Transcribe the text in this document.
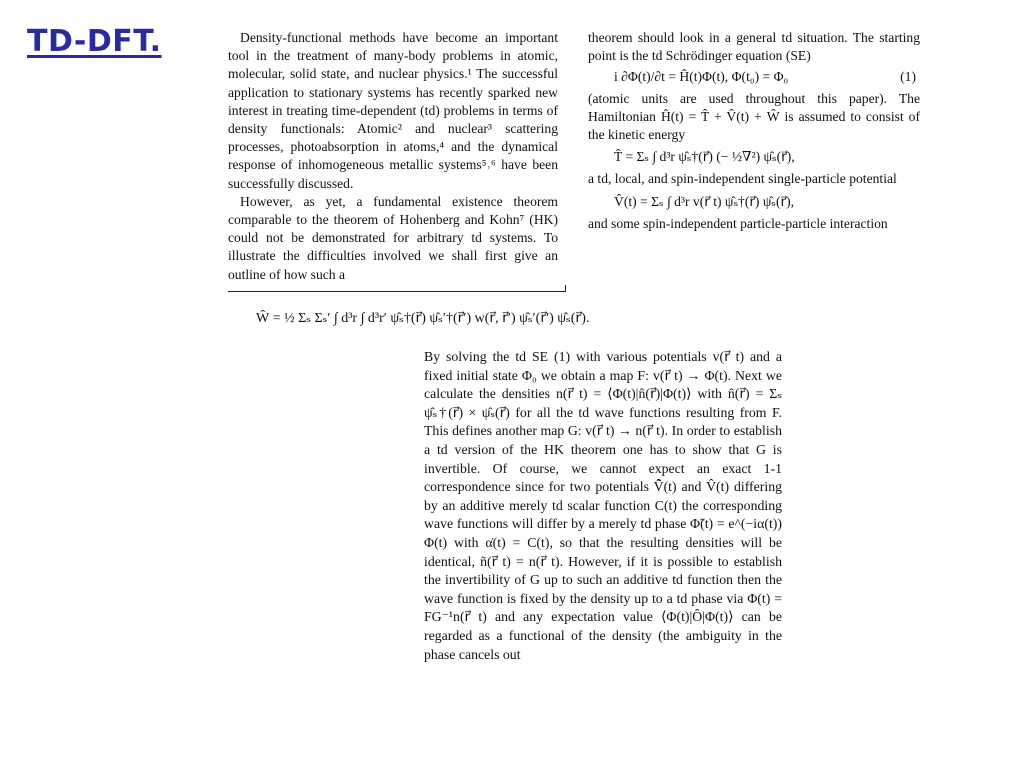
TD-DFT.	Density-functional methods have become an important tool in the treatment of many-body problems in atomic, molecular, solid state, and nuclear physics.¹ The successful application to stationary systems has recently sparked new interest in treating time-dependent (td) problems in terms of density functionals: Atomic² and nuclear³ scattering processes, photoabsorption in atoms,⁴ and the dynamical response of inhomogeneous metallic systems⁵˒⁶ have been successfully discussed.

However, as yet, a fundamental existence theorem comparable to the theorem of Hohenberg and Kohn⁷ (HK) could not be demonstrated for arbitrary td systems. To illustrate the difficulties involved we shall first give an outline of how such a

theorem should look in a general td situation. The starting point is the td Schrödinger equation (SE)

i ∂Φ(t)/∂t = Ĥ(t)Φ(t), Φ(t₀) = Φ₀	(1)

(atomic units are used throughout this paper). The Hamiltonian Ĥ(t) = T̂ + V̂(t) + Ŵ is assumed to consist of the kinetic energy

T̂ = Σₛ ∫ d³r ψ̂ₛ†(r⃗) (− ½∇²) ψ̂ₛ(r⃗),

a td, local, and spin-independent single-particle potential

V̂(t) = Σₛ ∫ d³r v(r⃗ t) ψ̂ₛ†(r⃗) ψ̂ₛ(r⃗),

and some spin-independent particle-particle interaction

Ŵ = ½ Σₛ Σₛ′ ∫ d³r ∫ d³r′ ψ̂ₛ†(r⃗) ψ̂ₛ′†(r⃗′) w(r⃗, r⃗′) ψ̂ₛ′(r⃗′) ψ̂ₛ(r⃗).

By solving the td SE (1) with various potentials v(r⃗ t) and a fixed initial state Φ₀ we obtain a map F: v(r⃗ t) → Φ(t). Next we calculate the densities n(r⃗ t) = ⟨Φ(t)|n̂(r⃗)|Φ(t)⟩ with n̂(r⃗) = Σₛ ψ̂ₛ†(r⃗) × ψ̂ₛ(r⃗) for all the td wave functions resulting from F. This defines another map G: v(r⃗ t) → n(r⃗ t). In order to establish a td version of the HK theorem one has to show that G is invertible. Of course, we cannot expect an exact 1-1 correspondence since for two potentials V̂̃(t) and V̂(t) differing by an additive merely td scalar function C(t) the corresponding wave functions will differ by a merely td phase Φ̃(t) = e^(−iα(t)) Φ(t) with α̇(t) = C(t), so that the resulting densities will be identical, ñ(r⃗ t) = n(r⃗ t). However, if it is possible to establish the invertibility of G up to such an additive td function then the wave function is fixed by the density up to a td phase via Φ(t) = FG⁻¹n(r⃗ t) and any expectation value ⟨Φ(t)|Ô|Φ(t)⟩ can be regarded as a functional of the density (the ambiguity in the phase cancels out
